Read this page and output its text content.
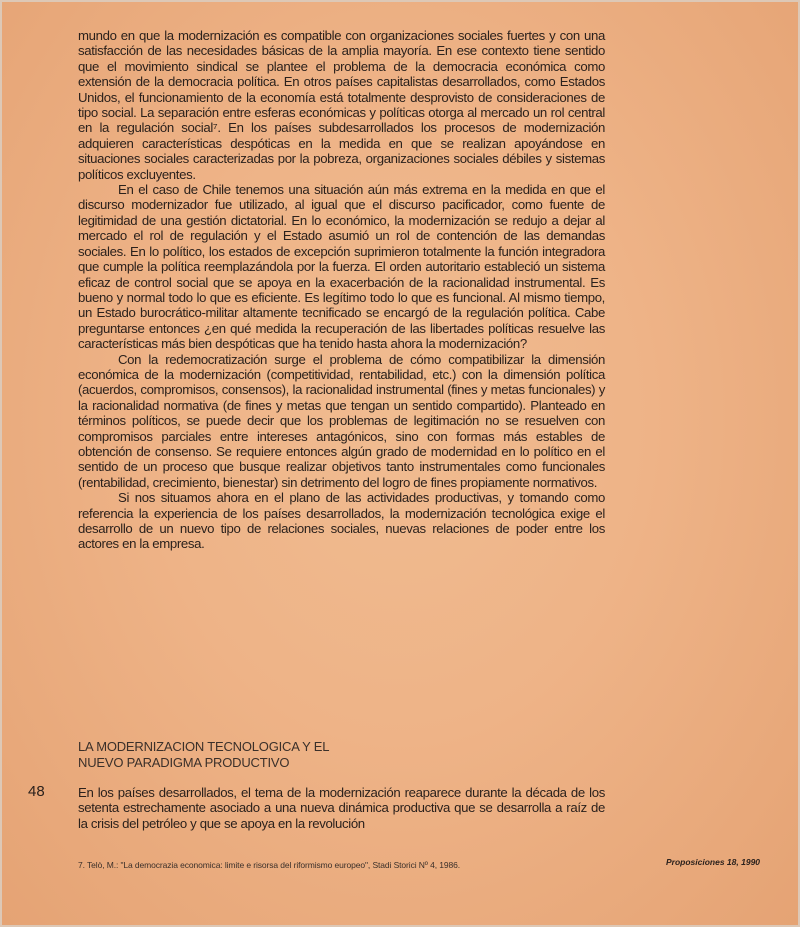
mundo en que la modernización es compatible con organizaciones sociales fuertes y con una satisfacción de las necesidades básicas de la amplia mayoría. En ese contexto tiene sentido que el movimiento sindical se plantee el problema de la democracia económica como extensión de la democracia política. En otros países capitalistas desarrollados, como Estados Unidos, el funcionamiento de la economía está totalmente desprovisto de consideraciones de tipo social. La separación entre esferas económicas y políticas otorga al mercado un rol central en la regulación social⁷. En los países subdesarrollados los procesos de modernización adquieren características despóticas en la medida en que se realizan apoyándose en situaciones sociales caracterizadas por la pobreza, organizaciones sociales débiles y sistemas políticos excluyentes.

En el caso de Chile tenemos una situación aún más extrema en la medida en que el discurso modernizador fue utilizado, al igual que el discurso pacificador, como fuente de legitimidad de una gestión dictatorial. En lo económico, la modernización se redujo a dejar al mercado el rol de regulación y el Estado asumió un rol de contención de las demandas sociales. En lo político, los estados de excepción suprimieron totalmente la función integradora que cumple la política reemplazándola por la fuerza. El orden autoritario estableció un sistema eficaz de control social que se apoya en la exacerbación de la racionalidad instrumental. Es bueno y normal todo lo que es eficiente. Es legítimo todo lo que es funcional. Al mismo tiempo, un Estado burocrático-militar altamente tecnificado se encargó de la regulación política. Cabe preguntarse entonces ¿en qué medida la recuperación de las libertades políticas resuelve las características más bien despóticas que ha tenido hasta ahora la modernización?

Con la redemocratización surge el problema de cómo compatibilizar la dimensión económica de la modernización (competitividad, rentabilidad, etc.) con la dimensión política (acuerdos, compromisos, consensos), la racionalidad instrumental (fines y metas funcionales) y la racionalidad normativa (de fines y metas que tengan un sentido compartido). Planteado en términos políticos, se puede decir que los problemas de legitimación no se resuelven con compromisos parciales entre intereses antagónicos, sino con formas más estables de obtención de consenso. Se requiere entonces algún grado de modernidad en lo político en el sentido de un proceso que busque realizar objetivos tanto instrumentales como funcionales (rentabilidad, crecimiento, bienestar) sin detrimento del logro de fines propiamente normativos.

Si nos situamos ahora en el plano de las actividades productivas, y tomando como referencia la experiencia de los países desarrollados, la modernización tecnológica exige el desarrollo de un nuevo tipo de relaciones sociales, nuevas relaciones de poder entre los actores en la empresa.

LA MODERNIZACION TECNOLOGICA Y EL
NUEVO PARADIGMA PRODUCTIVO
48	En los países desarrollados, el tema de la modernización reaparece durante la década de los setenta estrechamente asociado a una nueva dinámica productiva que se desarrolla a raíz de la crisis del petróleo y que se apoya en la revolución
7. Telò, M.: "La democrazia economica: limite e risorsa del riformismo europeo", Stadi Storici Nº 4, 1986.	Proposiciones 18, 1990
